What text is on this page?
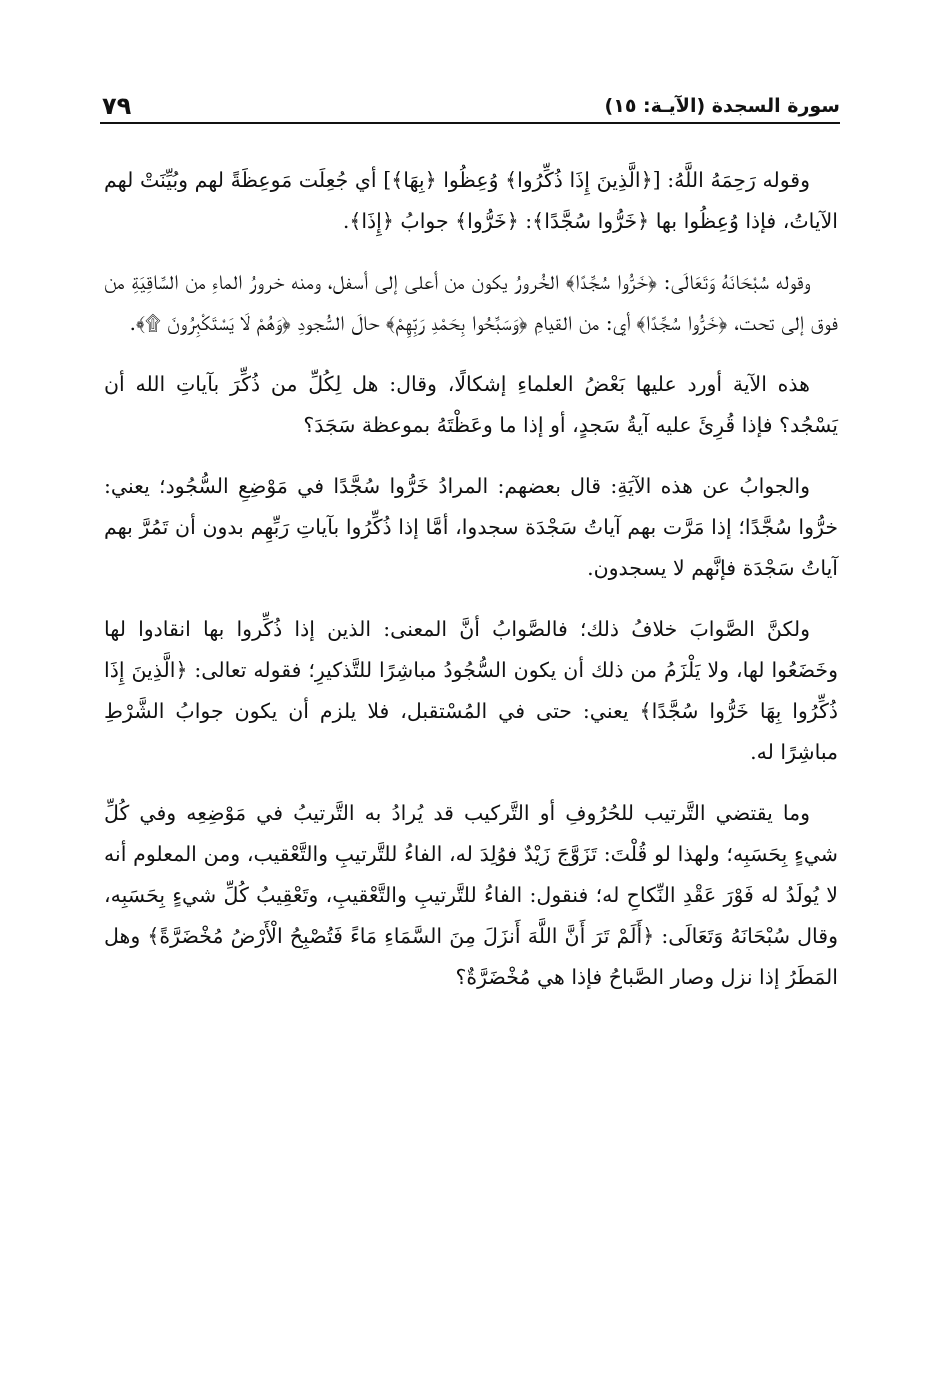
سورة السجدة (الآيـة: ١٥)
٧٩

وقوله رَحِمَهُ اللَّهُ: [﴿الَّذِينَ إِذَا ذُكِّرُوا﴾ وُعِظُوا ﴿بِهَا﴾] أي جُعِلَت مَوعِظَةً لهم وبُيِّنَتْ لهم الآياتُ، فإذا وُعِظُوا بها ﴿خَرُّوا سُجَّدًا﴾: ﴿خَرُّوا﴾ جوابُ ﴿إِذَا﴾.

وقوله سُبْحَانَهُ وَتَعَالَى: ﴿خَرُّوا سُجَّدًا﴾ الخُرورُ يكون من أعلى إلى أسفل، ومنه خرورُ الماءِ من السَّاقِيَةِ من فوق إلى تحت، ﴿خَرُّوا سُجَّدًا﴾ أي: من القيامِ ﴿وَسَبَّحُوا بِحَمْدِ رَبِّهِمْ﴾ حالَ السُّجودِ ﴿وَهُمْ لَا يَسْتَكْبِرُونَ ۩﴾.

هذه الآية أورد عليها بَعْضُ العلماءِ إشكالًا، وقال: هل لِكُلِّ من ذُكِّرَ بآياتِ الله أن يَسْجُد؟ فإذا قُرِئَ عليه آيةُ سَجدٍ، أو إذا ما وعَظْتَهُ بموعظة سَجَدَ؟

والجوابُ عن هذه الآيَةِ: قال بعضهم: المرادُ خَرُّوا سُجَّدًا في مَوْضِعِ السُّجُود؛ يعني: خرُّوا سُجَّدًا؛ إذا مَرَّت بهم آياتُ سَجْدَة سجدوا، أمَّا إذا ذُكِّرُوا بآياتِ رَبِّهِم بدون أن تَمُرَّ بهم آياتُ سَجْدَة فإنَّهم لا يسجدون.

ولكنَّ الصَّوابَ خلافُ ذلك؛ فالصَّوابُ أنَّ المعنى: الذين إذا ذُكِّروا بها انقادوا لها وخَضَعُوا لها، ولا يَلْزَمُ من ذلك أن يكون السُّجُودُ مباشِرًا للتَّذكيرِ؛ فقوله تعالى: ﴿الَّذِينَ إِذَا ذُكِّرُوا بِهَا خَرُّوا سُجَّدًا﴾ يعني: حتى في المُسْتقبل، فلا يلزم أن يكون جوابُ الشَّرْطِ مباشِرًا له.

وما يقتضي التَّرتيب للحُرُوفِ أو التَّركيب قد يُرادُ به التَّرتيبُ في مَوْضِعِه وفي كُلِّ شيءٍ بِحَسَبِه؛ ولهذا لو قُلْتَ: تَزَوَّجَ زَيْدٌ فوُلِدَ له، الفاءُ للتَّرتيبِ والتَّعْقيب، ومن المعلوم أنه لا يُولَدُ له فَوْرَ عَقْدِ النِّكاحِ له؛ فنقول: الفاءُ للتَّرتيبِ والتَّعْقيبِ، وتَعْقِيبُ كُلِّ شيءٍ بِحَسَبِه، وقال سُبْحَانَهُ وَتَعَالَى: ﴿أَلَمْ تَرَ أَنَّ اللَّهَ أَنزَلَ مِنَ السَّمَاءِ مَاءً فَتُصْبِحُ الْأَرْضُ مُخْضَرَّةً﴾ وهل المَطَرُ إذا نزل وصار الصَّباحُ فإذا هي مُخْضَرَّةٌ؟
